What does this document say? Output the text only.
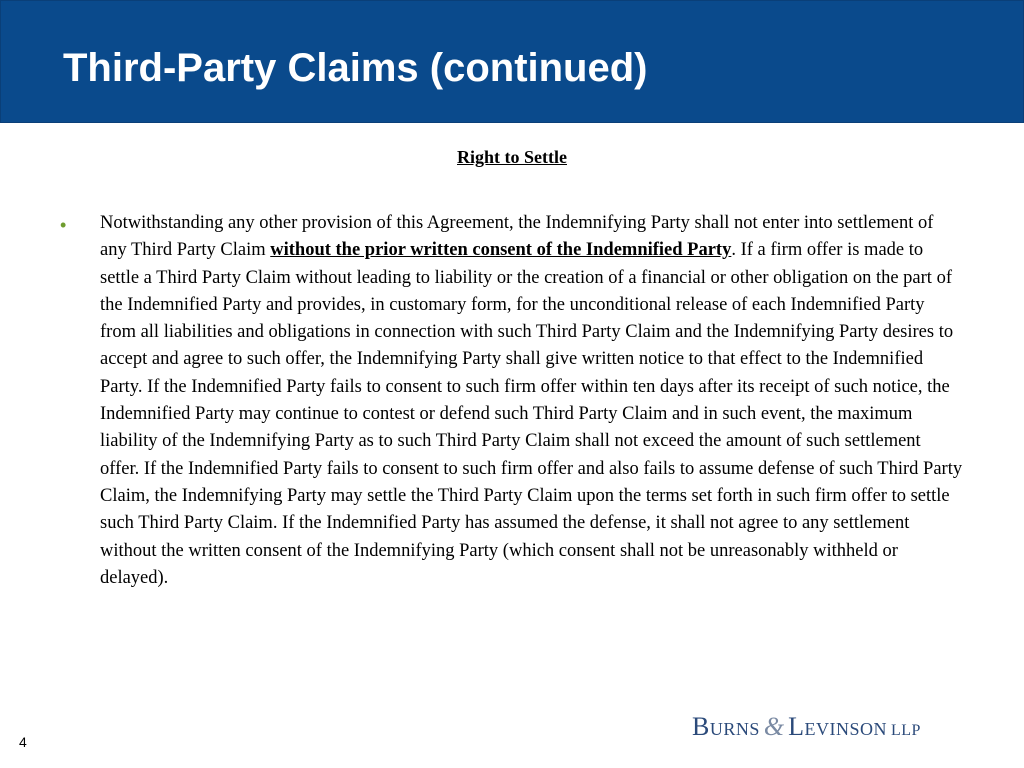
Third-Party Claims (continued)
Right to Settle
• Notwithstanding any other provision of this Agreement, the Indemnifying Party shall not enter into settlement of any Third Party Claim without the prior written consent of the Indemnified Party. If a firm offer is made to settle a Third Party Claim without leading to liability or the creation of a financial or other obligation on the part of the Indemnified Party and provides, in customary form, for the unconditional release of each Indemnified Party from all liabilities and obligations in connection with such Third Party Claim and the Indemnifying Party desires to accept and agree to such offer, the Indemnifying Party shall give written notice to that effect to the Indemnified Party. If the Indemnified Party fails to consent to such firm offer within ten days after its receipt of such notice, the Indemnified Party may continue to contest or defend such Third Party Claim and in such event, the maximum liability of the Indemnifying Party as to such Third Party Claim shall not exceed the amount of such settlement offer. If the Indemnified Party fails to consent to such firm offer and also fails to assume defense of such Third Party Claim, the Indemnifying Party may settle the Third Party Claim upon the terms set forth in such firm offer to settle such Third Party Claim. If the Indemnified Party has assumed the defense, it shall not agree to any settlement without the written consent of the Indemnifying Party (which consent shall not be unreasonably withheld or delayed).

4
Burns & Levinson LLP
